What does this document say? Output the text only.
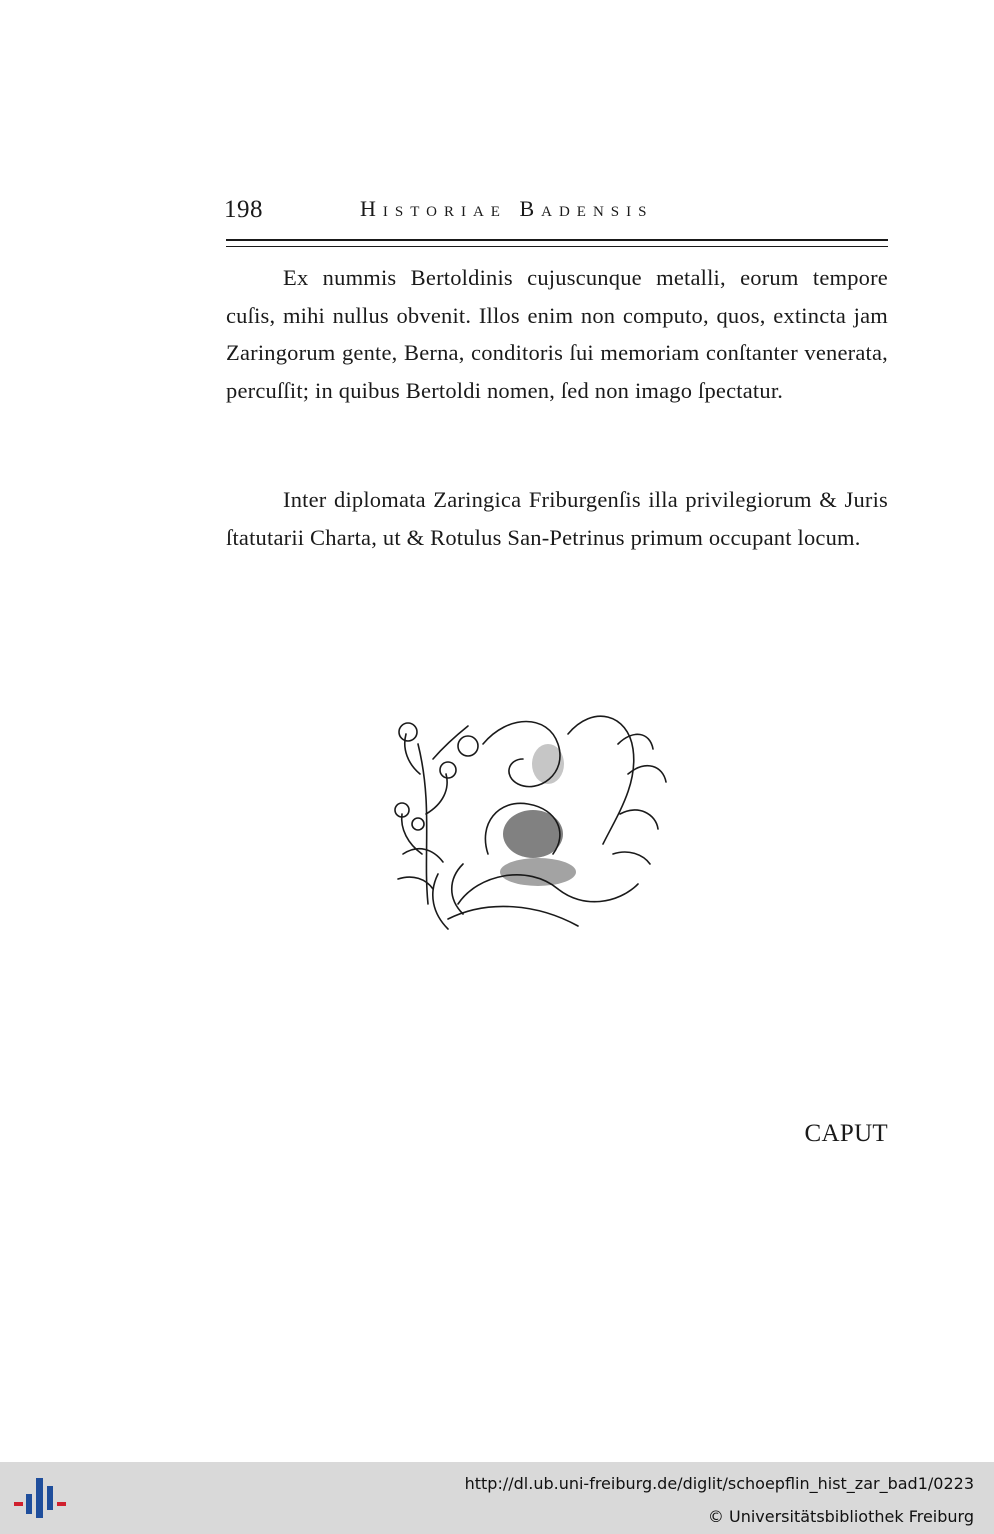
198	Historiae Badensis

Ex nummis Bertoldinis cujuscunque metalli, eorum tempore cuſis, mihi nullus obvenit. Illos enim non computo, quos, extincta jam Zaringorum gente, Berna, conditoris ſui memoriam conſtanter venerata, percuſſit; in quibus Bertoldi nomen, ſed non imago ſpectatur.

Inter diplomata Zaringica Friburgenſis illa privilegiorum & Juris ſtatutarii Charta, ut & Rotulus San-Petrinus primum occupant locum.

CAPUT
http://dl.ub.uni-freiburg.de/diglit/schoepflin_hist_zar_bad1/0223
© Universitätsbibliothek Freiburg
